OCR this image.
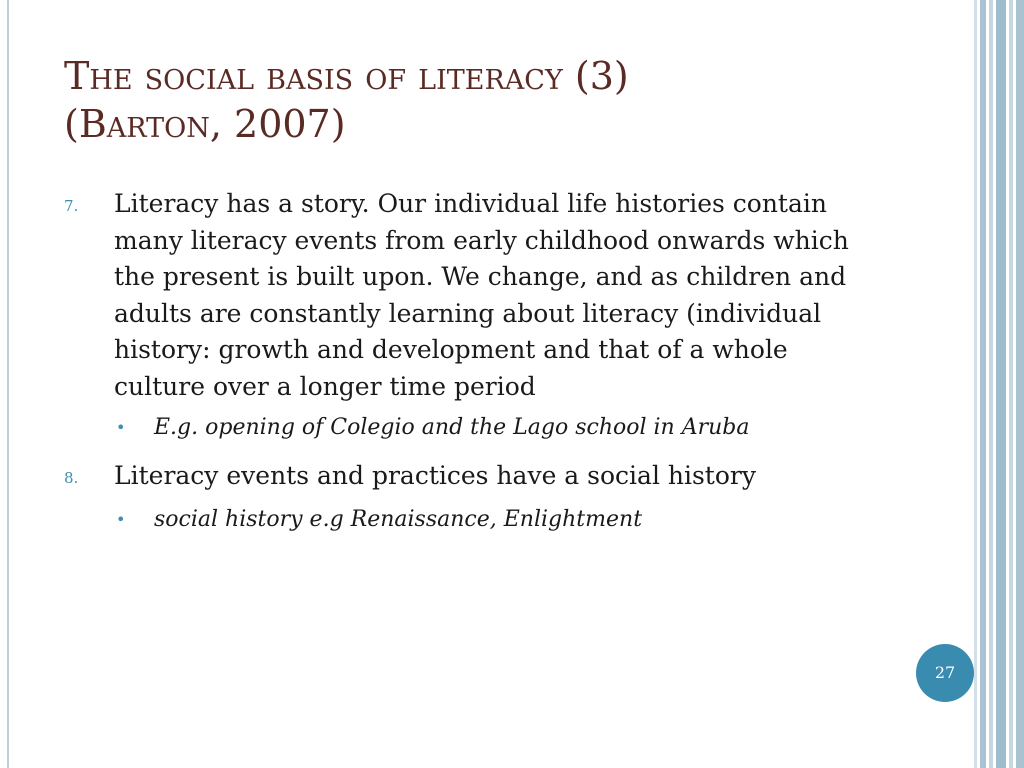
The social basis of literacy (3)
(Barton, 2007)

7. Literacy has a story. Our individual life histories contain many literacy events from early childhood onwards which the present is built upon. We change, and as children and adults are constantly learning about literacy (individual history: growth and development and that of a whole culture over a longer time period

• E.g. opening of Colegio and the Lago school in Aruba

8. Literacy events and practices have a social history

• social history e.g Renaissance, Enlightment

27
